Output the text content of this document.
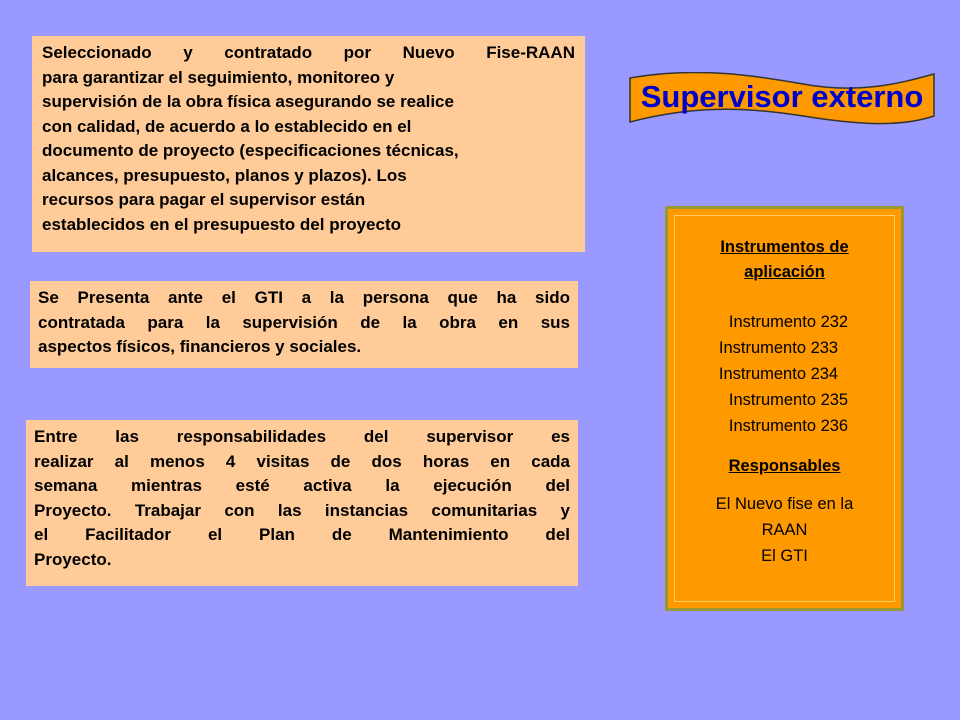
Seleccionado y contratado por Nuevo Fise-RAAN
para garantizar el seguimiento, monitoreo y
supervisión de la obra física asegurando se realice
con calidad, de acuerdo a lo establecido en el
documento de proyecto (especificaciones técnicas,
alcances, presupuesto, planos y plazos). Los
recursos para pagar el supervisor están
establecidos en el presupuesto del proyecto
Se Presenta ante el GTI a la persona que ha sido
contratada para la supervisión de la obra en sus
aspectos físicos, financieros y sociales.
Entre las responsabilidades del supervisor es
realizar al menos 4 visitas de dos horas en cada
semana mientras esté activa la ejecución del
Proyecto. Trabajar con las instancias comunitarias y
el Facilitador el Plan de Mantenimiento del
Proyecto.
Supervisor externo
Instrumentos de
aplicación
Instrumento 232
Instrumento 233
Instrumento 234
Instrumento 235
Instrumento 236
Responsables
El Nuevo fise en la
RAAN
El GTI
